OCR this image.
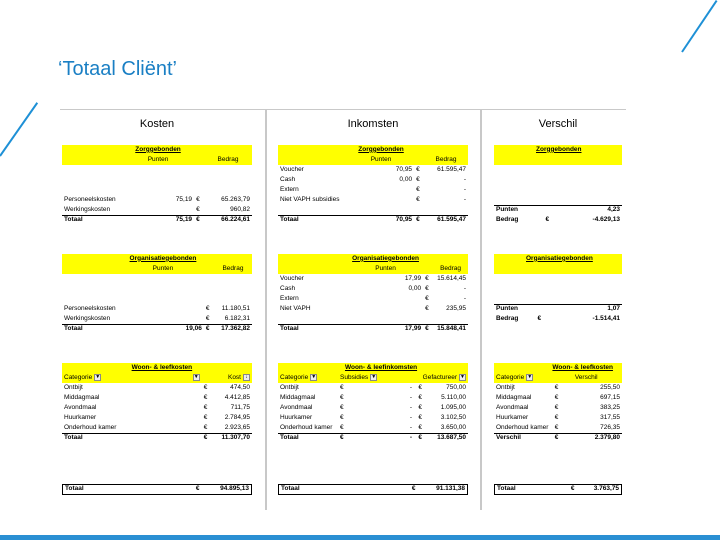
‘Totaal Cliënt’
Kosten
	Zorggebonden		
	Punten		Bedrag

Personeelskosten	75,19	€	65.263,79
Werkingskosten		€	960,82
Totaal	75,19	€	66.224,61
	Organisatiegebonden		
	Punten		Bedrag

Personeelskosten		€	11.180,51
Werkingskosten		€	6.182,31
Totaal	19,06	€	17.362,82
	Woon- & leefkosten		
Categorie ▼	▼		Kost ↓
Ontbijt		€	474,50
Middagmaal		€	4.412,85
Avondmaal		€	711,75
Huurkamer		€	2.784,95
Onderhoud kamer		€	2.923,65
Totaal		€	11.307,70
Totaal	€	94.895,13
Inkomsten
	Zorggebonden		
	Punten		Bedrag
Voucher	70,95	€	61.595,47
Cash	0,00	€	-
Extern		€	-
Niet VAPH subsidies		€	-

Totaal	70,95	€	61.595,47
	Organisatiegebonden		
	Punten		Bedrag
Voucher	17,99	€	15.614,45
Cash	0,00	€	-
Extern		€	-
Niet VAPH		€	235,95

Totaal	17,99	€	15.848,41
	Woon- & leefinkomsten			
Categorie ▼	Subsidies ▼		Gefactureer ▼	
Ontbijt	€	-	€	750,00
Middagmaal	€	-	€	5.110,00
Avondmaal	€	-	€	1.095,00
Huurkamer	€	-	€	3.102,50
Onderhoud kamer	€	-	€	3.650,00
Totaal	€	-	€	13.687,50
Totaal	€	91.131,38
Verschil
	Zorggebonden	

Punten		4,23
Bedrag	€	-4.629,13
	Organisatiegebonden	

Punten		1,07
Bedrag	€	-1.514,41
	Woon- & leefkosten	
Categorie ▼	Verschil	
Ontbijt	€	255,50
Middagmaal	€	697,15
Avondmaal	€	383,25
Huurkamer	€	317,55
Onderhoud kamer	€	726,35
Verschil	€	2.379,80
Totaal	€	3.763,75
